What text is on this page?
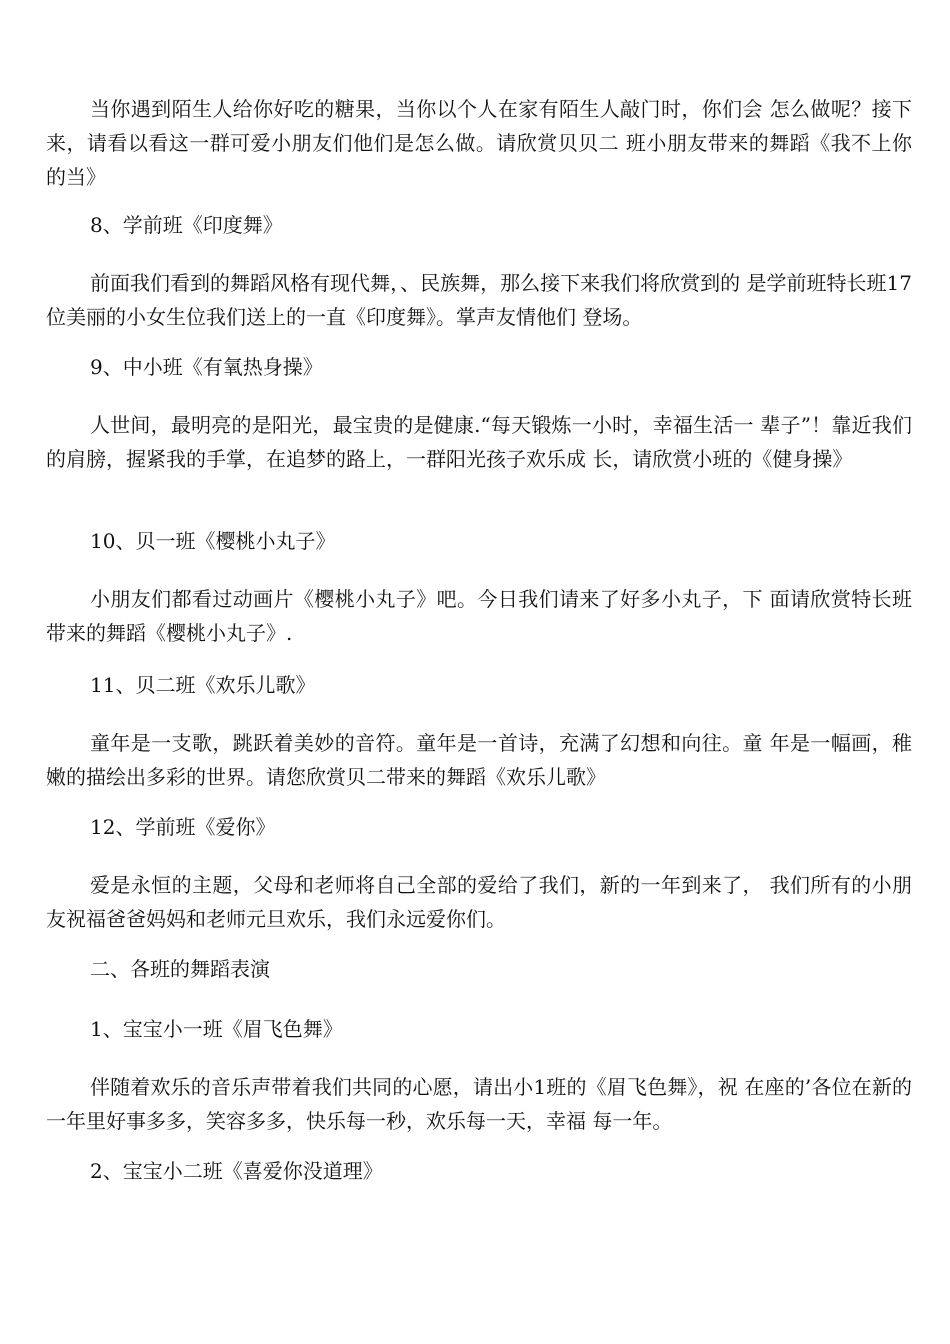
当你遇到陌生人给你好吃的糖果，当你以个人在家有陌生人敲门时，你们会 怎么做呢？接下来，请看以看这一群可爱小朋友们他们是怎么做。请欣赏贝贝二 班小朋友带来的舞蹈《我不上你的当》

8、学前班《印度舞》

前面我们看到的舞蹈风格有现代舞，、民族舞，那么接下来我们将欣赏到的 是学前班特长班17位美丽的小女生位我们送上的一直《印度舞》。掌声友情他们 登场。

9、中小班《有氧热身操》

人世间，最明亮的是阳光，最宝贵的是健康.“每天锻炼一小时，幸福生活一 辈子”！靠近我们的肩膀，握紧我的手掌，在追梦的路上，一群阳光孩子欢乐成 长，请欣赏小班的《健身操》

10、贝一班《樱桃小丸子》

小朋友们都看过动画片《樱桃小丸子》吧。今日我们请来了好多小丸子，下 面请欣赏特长班带来的舞蹈《樱桃小丸子》.

11、贝二班《欢乐儿歌》

童年是一支歌，跳跃着美妙的音符。童年是一首诗，充满了幻想和向往。童 年是一幅画，稚嫩的描绘出多彩的世界。请您欣赏贝二带来的舞蹈《欢乐儿歌》

12、学前班《爱你》

爱是永恒的主题，父母和老师将自己全部的爱给了我们，新的一年到来了， 我们所有的小朋友祝福爸爸妈妈和老师元旦欢乐，我们永远爱你们。

二、各班的舞蹈表演

1、宝宝小一班《眉飞色舞》

伴随着欢乐的音乐声带着我们共同的心愿，请出小1班的《眉飞色舞》，祝 在座的’各位在新的一年里好事多多，笑容多多，快乐每一秒，欢乐每一天，幸福 每一年。

2、宝宝小二班《喜爱你没道理》
